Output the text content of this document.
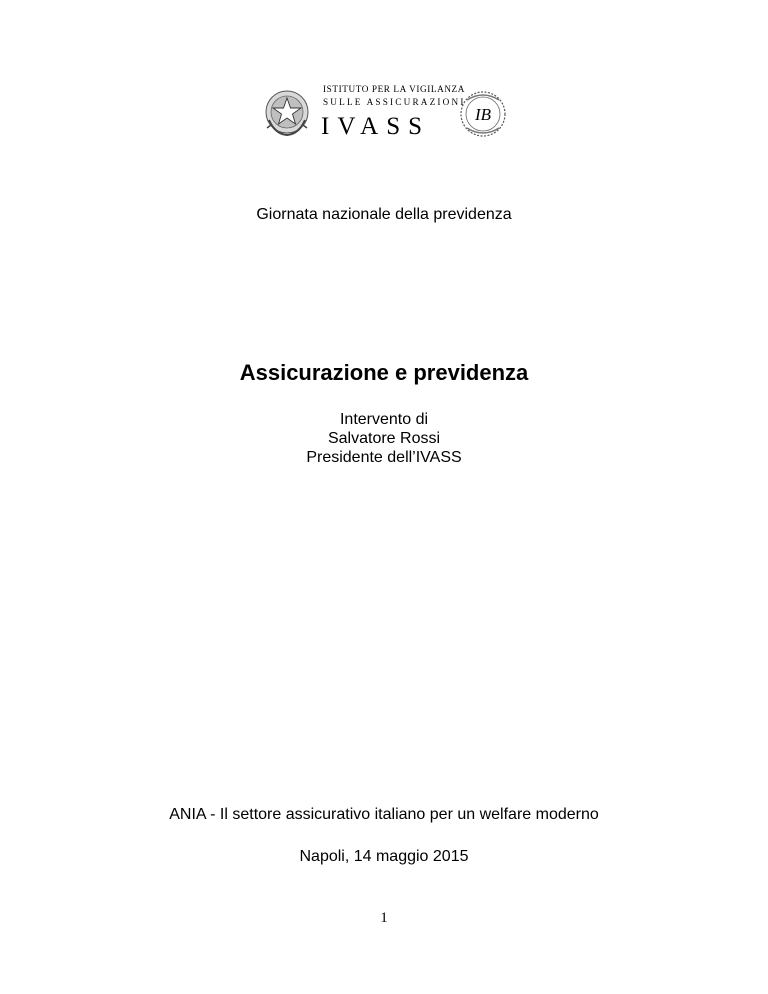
ISTITUTO PER LA VIGILANZA
SULLE ASSICURAZIONI
IVASS	IB
Giornata nazionale della previdenza
Assicurazione e previdenza
Intervento di
Salvatore Rossi
Presidente dell’IVASS
ANIA - Il settore assicurativo italiano per un welfare moderno
Napoli, 14 maggio 2015
1
